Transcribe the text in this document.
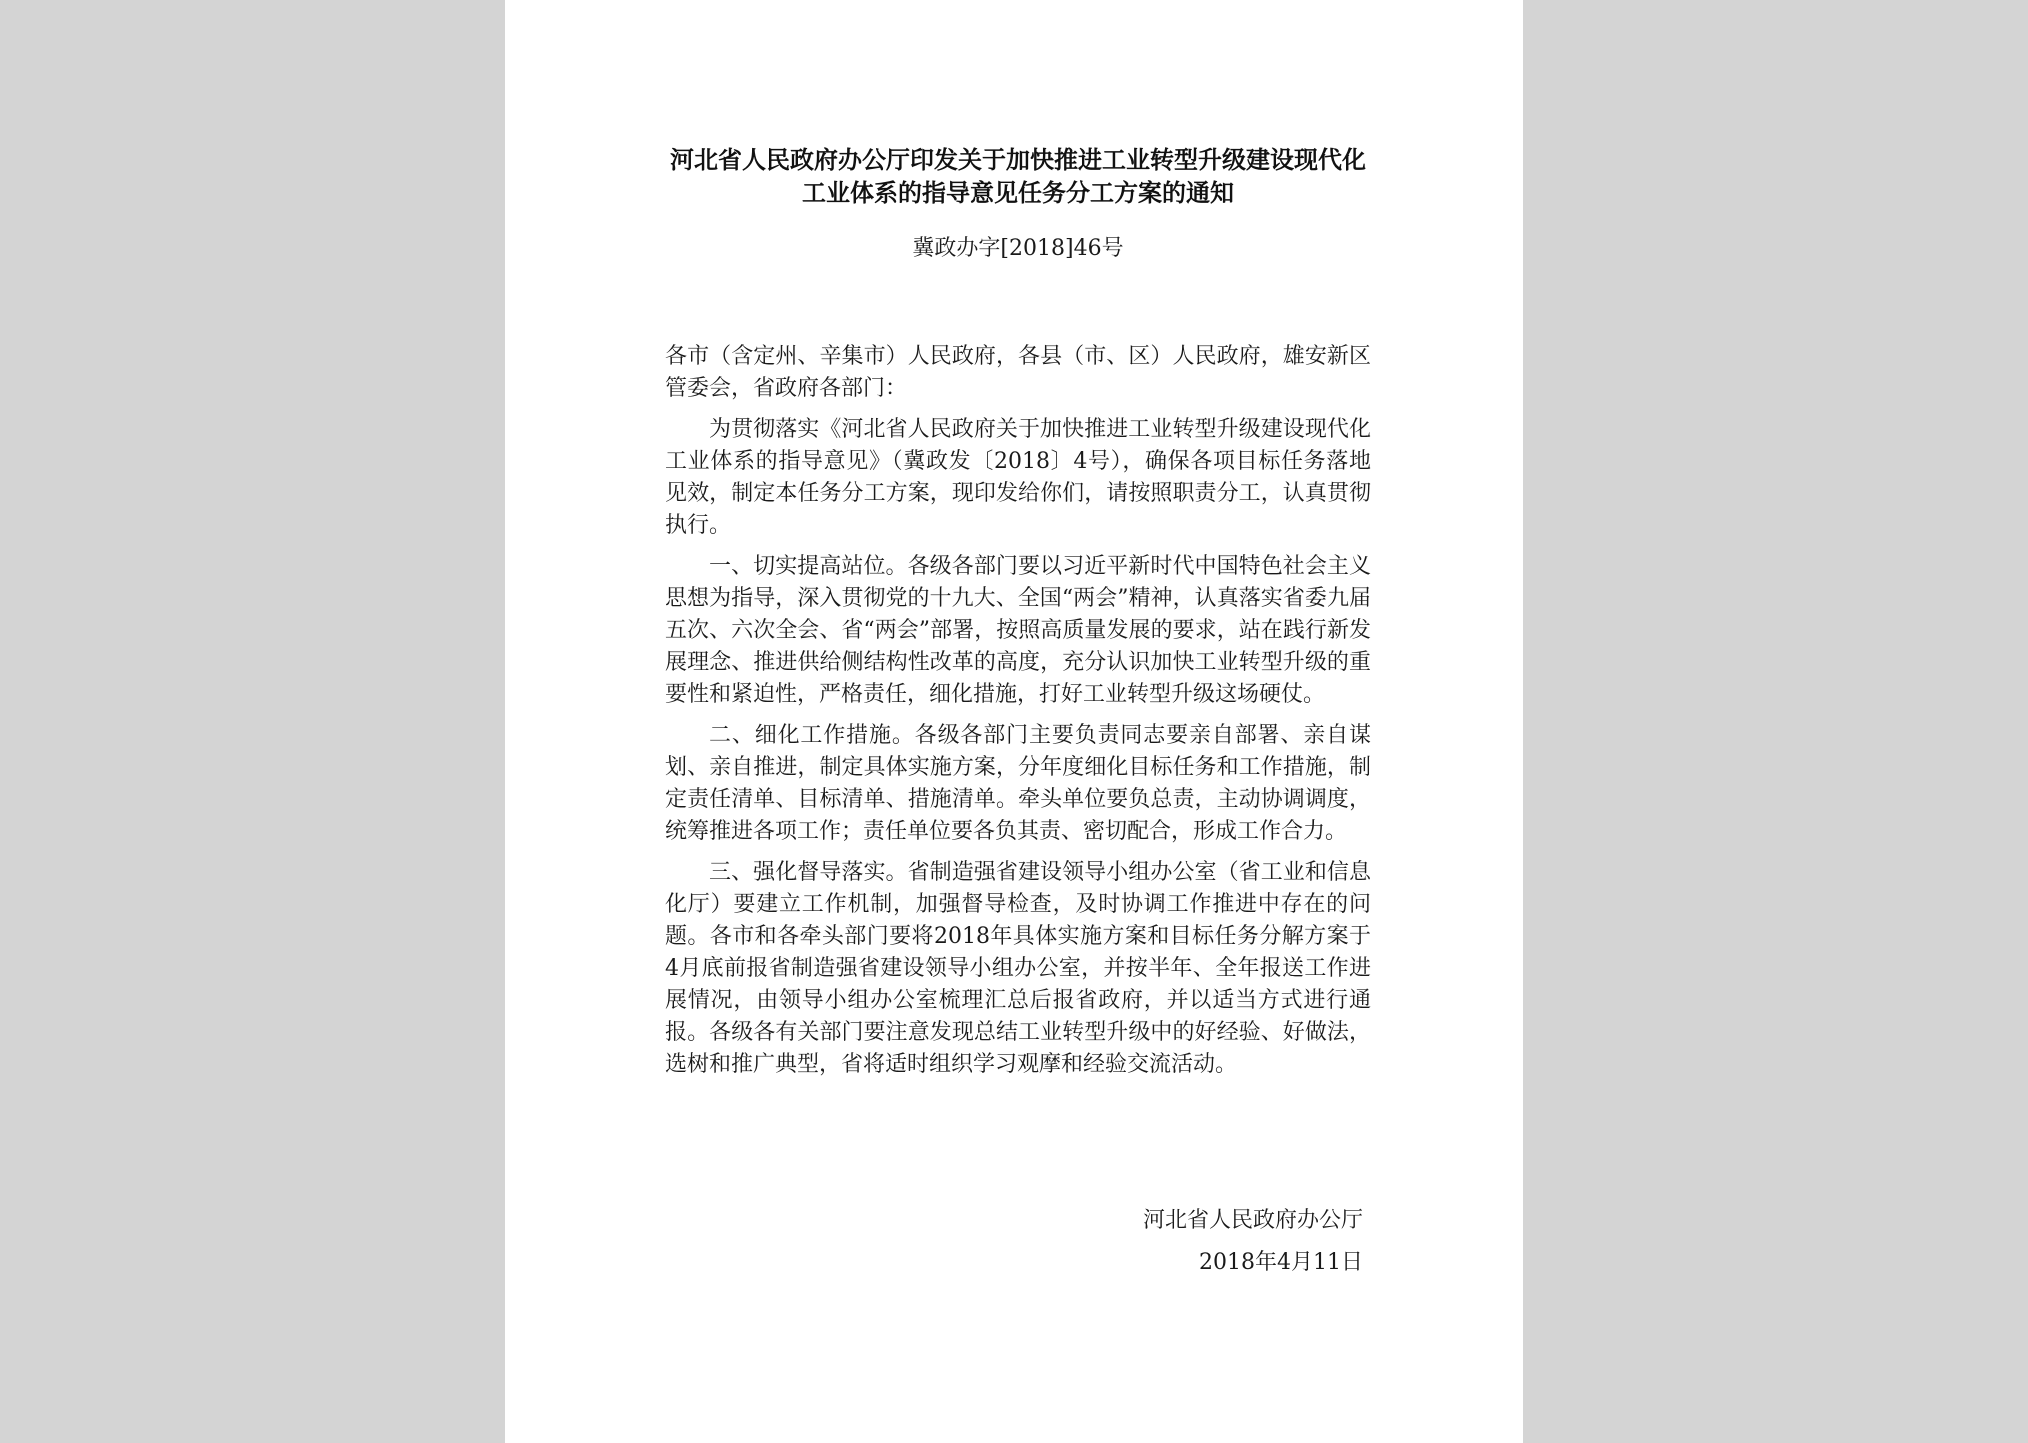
河北省人民政府办公厅印发关于加快推进工业转型升级建设现代化
工业体系的指导意见任务分工方案的通知
冀政办字[2018]46号

各市（含定州、辛集市）人民政府，各县（市、区）人民政府，雄安新区管委会，省政府各部门：

为贯彻落实《河北省人民政府关于加快推进工业转型升级建设现代化工业体系的指导意见》（冀政发〔2018〕4号），确保各项目标任务落地见效，制定本任务分工方案，现印发给你们，请按照职责分工，认真贯彻执行。

一、切实提高站位。各级各部门要以习近平新时代中国特色社会主义思想为指导，深入贯彻党的十九大、全国“两会”精神，认真落实省委九届五次、六次全会、省“两会”部署，按照高质量发展的要求，站在践行新发展理念、推进供给侧结构性改革的高度，充分认识加快工业转型升级的重要性和紧迫性，严格责任，细化措施，打好工业转型升级这场硬仗。

二、细化工作措施。各级各部门主要负责同志要亲自部署、亲自谋划、亲自推进，制定具体实施方案，分年度细化目标任务和工作措施，制定责任清单、目标清单、措施清单。牵头单位要负总责，主动协调调度，统筹推进各项工作；责任单位要各负其责、密切配合，形成工作合力。

三、强化督导落实。省制造强省建设领导小组办公室（省工业和信息化厅）要建立工作机制，加强督导检查，及时协调工作推进中存在的问题。各市和各牵头部门要将2018年具体实施方案和目标任务分解方案于4月底前报省制造强省建设领导小组办公室，并按半年、全年报送工作进展情况，由领导小组办公室梳理汇总后报省政府，并以适当方式进行通报。各级各有关部门要注意发现总结工业转型升级中的好经验、好做法，选树和推广典型，省将适时组织学习观摩和经验交流活动。

河北省人民政府办公厅
2018年4月11日
